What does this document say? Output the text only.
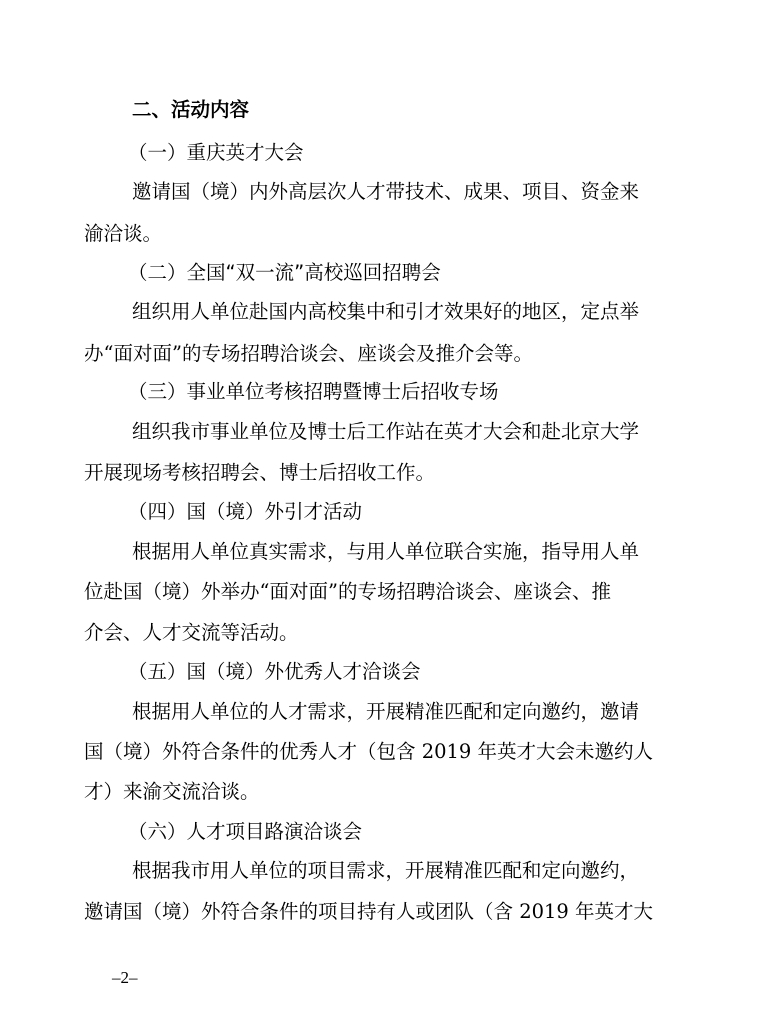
二、活动内容
（一）重庆英才大会
邀请国（境）内外高层次人才带技术、成果、项目、资金来
渝洽谈。
（二）全国“双一流”高校巡回招聘会
组织用人单位赴国内高校集中和引才效果好的地区，定点举
办“面对面”的专场招聘洽谈会、座谈会及推介会等。
（三）事业单位考核招聘暨博士后招收专场
组织我市事业单位及博士后工作站在英才大会和赴北京大学
开展现场考核招聘会、博士后招收工作。
（四）国（境）外引才活动
根据用人单位真实需求，与用人单位联合实施，指导用人单
位赴国（境）外举办“面对面”的专场招聘洽谈会、座谈会、推
介会、人才交流等活动。
（五）国（境）外优秀人才洽谈会
根据用人单位的人才需求，开展精准匹配和定向邀约，邀请
国（境）外符合条件的优秀人才（包含 2019 年英才大会未邀约人
才）来渝交流洽谈。
（六）人才项目路演洽谈会
根据我市用人单位的项目需求，开展精准匹配和定向邀约，
邀请国（境）外符合条件的项目持有人或团队（含 2019 年英才大
–2–
